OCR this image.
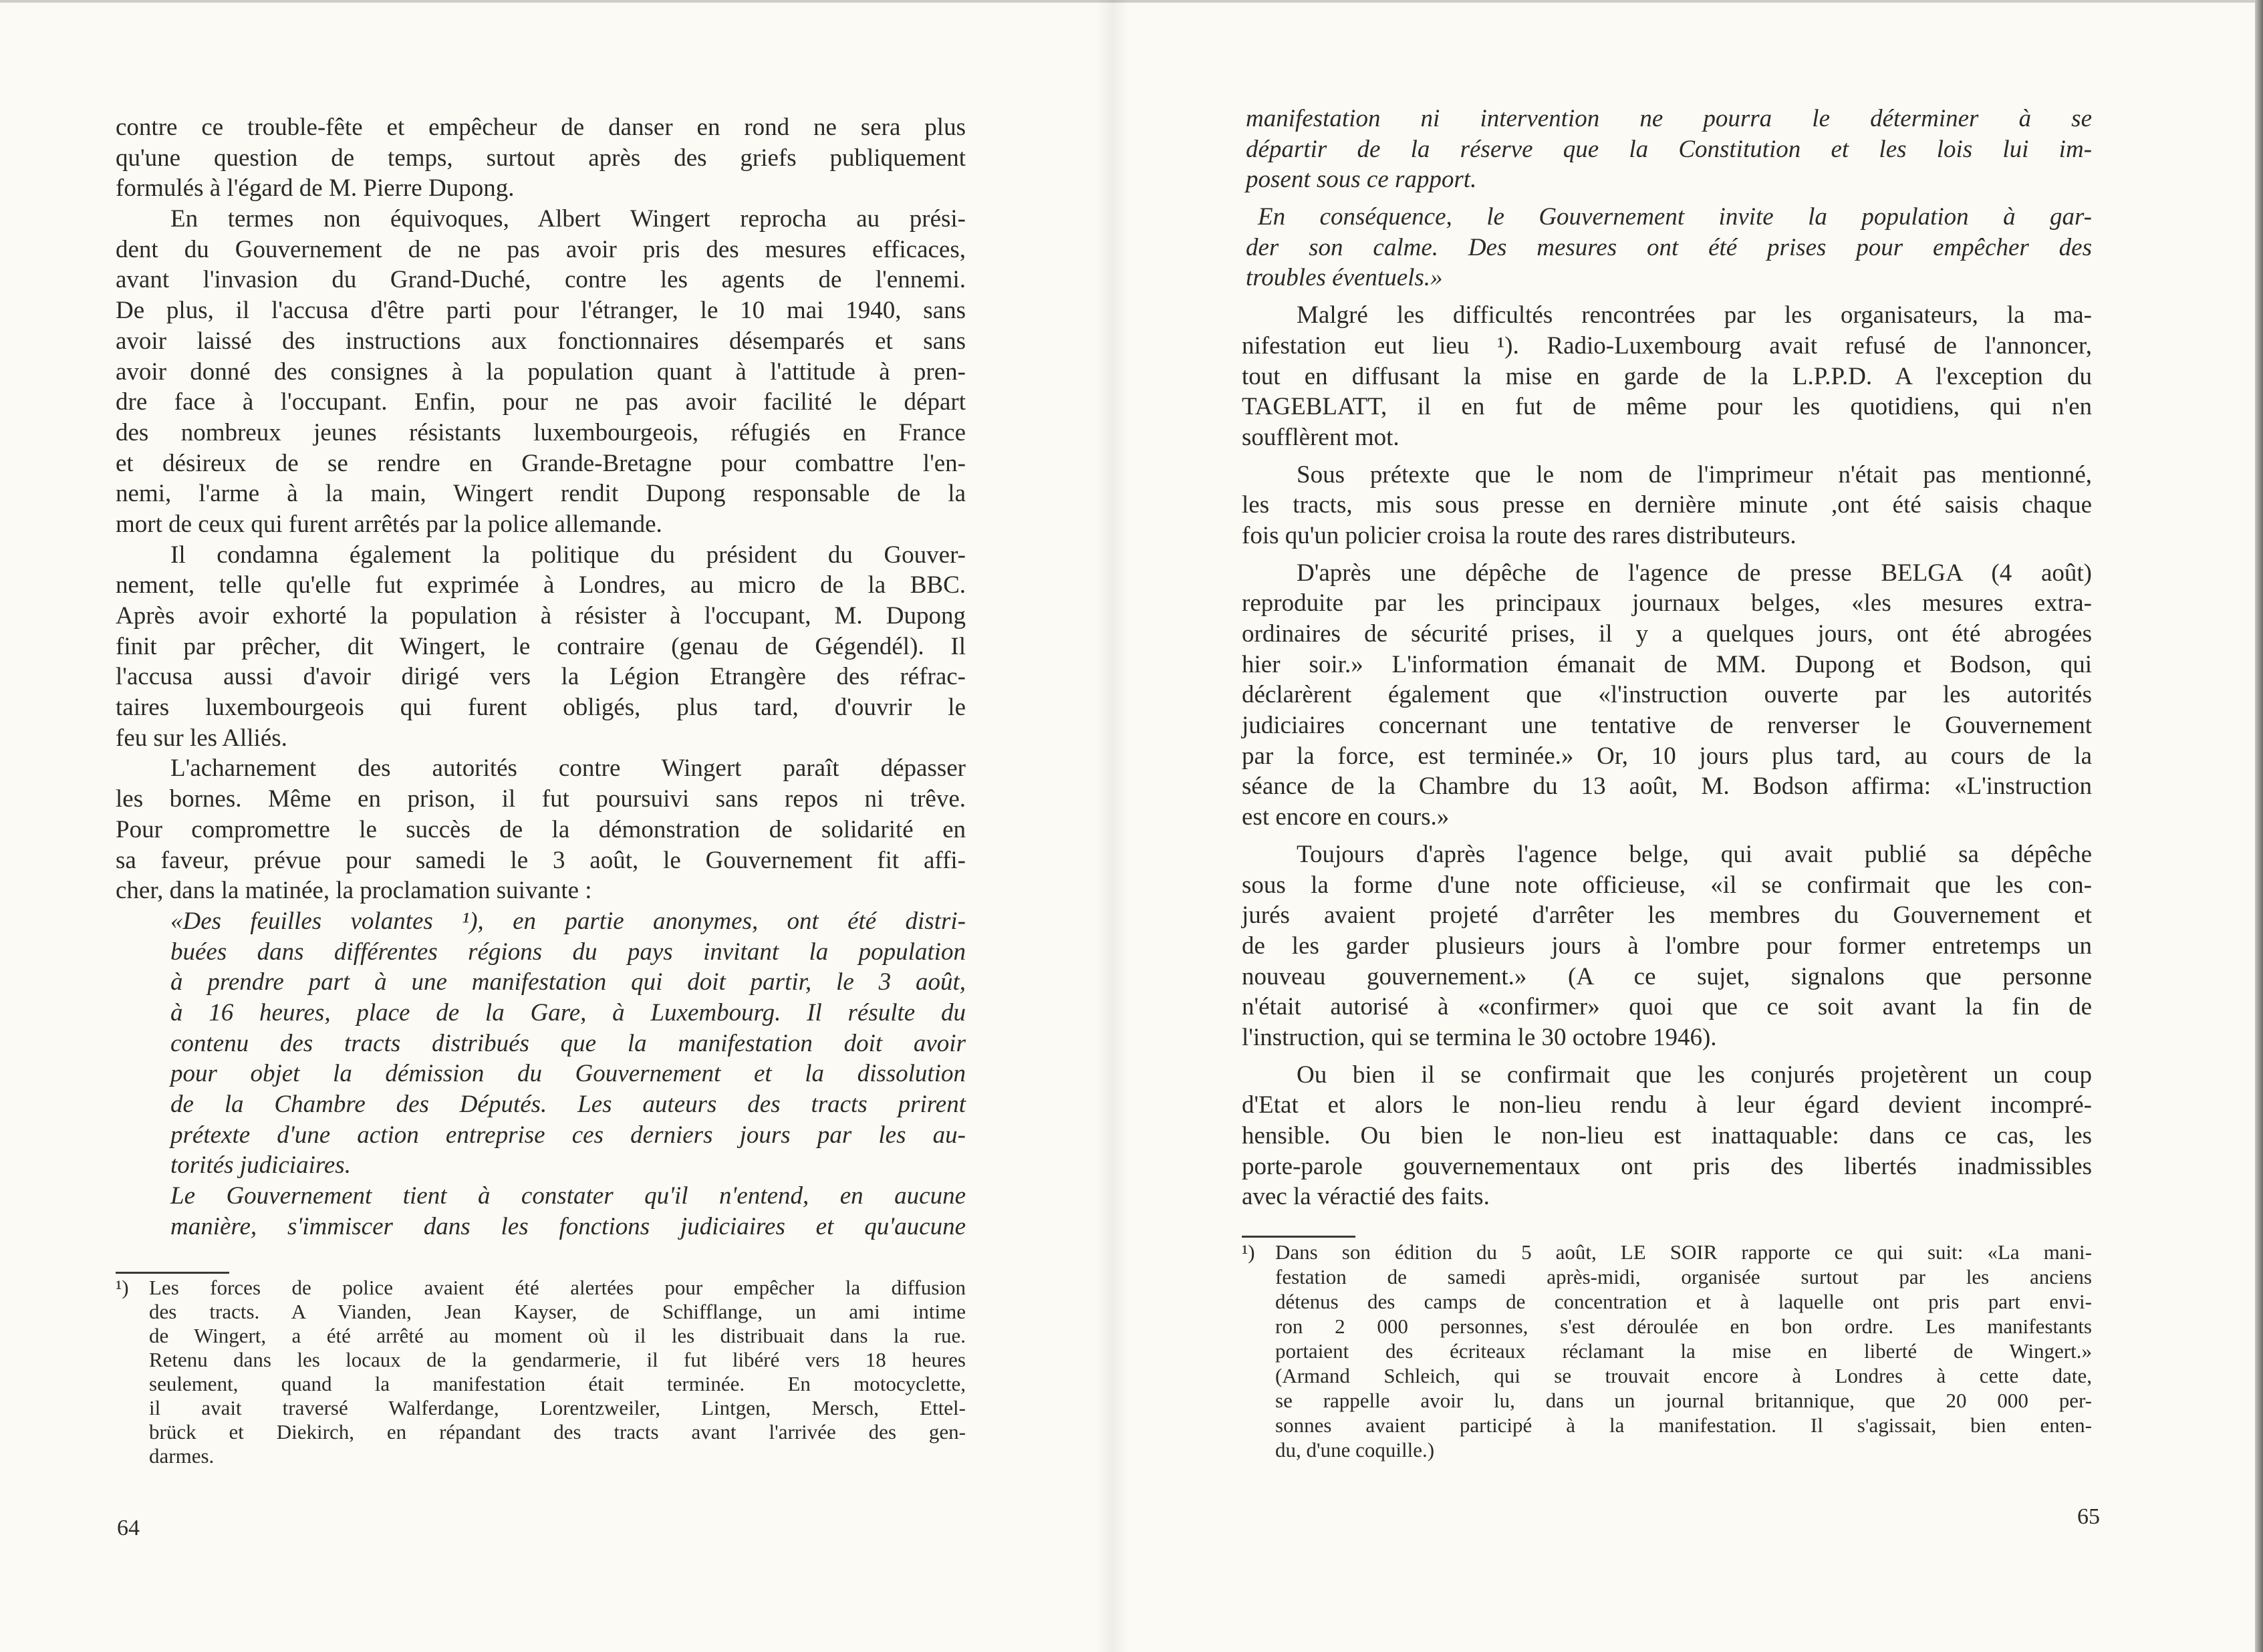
contre ce trouble-fête et empêcheur de danser en rond ne sera plus
qu'une question de temps, surtout après des griefs publiquement
formulés à l'égard de M. Pierre Dupong.
En termes non équivoques, Albert Wingert reprocha au prési-
dent du Gouvernement de ne pas avoir pris des mesures efficaces,
avant l'invasion du Grand-Duché, contre les agents de l'ennemi.
De plus, il l'accusa d'être parti pour l'étranger, le 10 mai 1940, sans
avoir laissé des instructions aux fonctionnaires désemparés et sans
avoir donné des consignes à la population quant à l'attitude à pren-
dre face à l'occupant. Enfin, pour ne pas avoir facilité le départ
des nombreux jeunes résistants luxembourgeois, réfugiés en France
et désireux de se rendre en Grande-Bretagne pour combattre l'en-
nemi, l'arme à la main, Wingert rendit Dupong responsable de la
mort de ceux qui furent arrêtés par la police allemande.
Il condamna également la politique du président du Gouver-
nement, telle qu'elle fut exprimée à Londres, au micro de la BBC.
Après avoir exhorté la population à résister à l'occupant, M. Dupong
finit par prêcher, dit Wingert, le contraire (genau de Gégendél). Il
l'accusa aussi d'avoir dirigé vers la Légion Etrangère des réfrac-
taires luxembourgeois qui furent obligés, plus tard, d'ouvrir le
feu sur les Alliés.
L'acharnement des autorités contre Wingert paraît dépasser
les bornes. Même en prison, il fut poursuivi sans repos ni trêve.
Pour compromettre le succès de la démonstration de solidarité en
sa faveur, prévue pour samedi le 3 août, le Gouvernement fit affi-
cher, dans la matinée, la proclamation suivante :
«Des feuilles volantes ¹), en partie anonymes, ont été distri-
buées dans différentes régions du pays invitant la population
à prendre part à une manifestation qui doit partir, le 3 août,
à 16 heures, place de la Gare, à Luxembourg. Il résulte du
contenu des tracts distribués que la manifestation doit avoir
pour objet la démission du Gouvernement et la dissolution
de la Chambre des Députés. Les auteurs des tracts prirent
prétexte d'une action entreprise ces derniers jours par les au-
torités judiciaires.
Le Gouvernement tient à constater qu'il n'entend, en aucune
manière, s'immiscer dans les fonctions judiciaires et qu'aucune
¹) Les forces de police avaient été alertées pour empêcher la diffusion
des tracts. A Vianden, Jean Kayser, de Schifflange, un ami intime
de Wingert, a été arrêté au moment où il les distribuait dans la rue.
Retenu dans les locaux de la gendarmerie, il fut libéré vers 18 heures
seulement, quand la manifestation était terminée. En motocyclette,
il avait traversé Walferdange, Lorentzweiler, Lintgen, Mersch, Ettel-
brück et Diekirch, en répandant des tracts avant l'arrivée des gen-
darmes.
64
manifestation ni intervention ne pourra le déterminer à se
départir de la réserve que la Constitution et les lois lui im-
posent sous ce rapport.
En conséquence, le Gouvernement invite la population à gar-
der son calme. Des mesures ont été prises pour empêcher des
troubles éventuels.»
Malgré les difficultés rencontrées par les organisateurs, la ma-
nifestation eut lieu ¹). Radio-Luxembourg avait refusé de l'annoncer,
tout en diffusant la mise en garde de la L.P.P.D. A l'exception du
TAGEBLATT, il en fut de même pour les quotidiens, qui n'en
soufflèrent mot.
Sous prétexte que le nom de l'imprimeur n'était pas mentionné,
les tracts, mis sous presse en dernière minute ,ont été saisis chaque
fois qu'un policier croisa la route des rares distributeurs.
D'après une dépêche de l'agence de presse BELGA (4 août)
reproduite par les principaux journaux belges, «les mesures extra-
ordinaires de sécurité prises, il y a quelques jours, ont été abrogées
hier soir.» L'information émanait de MM. Dupong et Bodson, qui
déclarèrent également que «l'instruction ouverte par les autorités
judiciaires concernant une tentative de renverser le Gouvernement
par la force, est terminée.» Or, 10 jours plus tard, au cours de la
séance de la Chambre du 13 août, M. Bodson affirma: «L'instruction
est encore en cours.»
Toujours d'après l'agence belge, qui avait publié sa dépêche
sous la forme d'une note officieuse, «il se confirmait que les con-
jurés avaient projeté d'arrêter les membres du Gouvernement et
de les garder plusieurs jours à l'ombre pour former entretemps un
nouveau gouvernement.» (A ce sujet, signalons que personne
n'était autorisé à «confirmer» quoi que ce soit avant la fin de
l'instruction, qui se termina le 30 octobre 1946).
Ou bien il se confirmait que les conjurés projetèrent un coup
d'Etat et alors le non-lieu rendu à leur égard devient incompré-
hensible. Ou bien le non-lieu est inattaquable: dans ce cas, les
porte-parole gouvernementaux ont pris des libertés inadmissibles
avec la véractié des faits.
¹) Dans son édition du 5 août, LE SOIR rapporte ce qui suit: «La mani-
festation de samedi après-midi, organisée surtout par les anciens
détenus des camps de concentration et à laquelle ont pris part envi-
ron 2 000 personnes, s'est déroulée en bon ordre. Les manifestants
portaient des écriteaux réclamant la mise en liberté de Wingert.»
(Armand Schleich, qui se trouvait encore à Londres à cette date,
se rappelle avoir lu, dans un journal britannique, que 20 000 per-
sonnes avaient participé à la manifestation. Il s'agissait, bien enten-
du, d'une coquille.)
65
